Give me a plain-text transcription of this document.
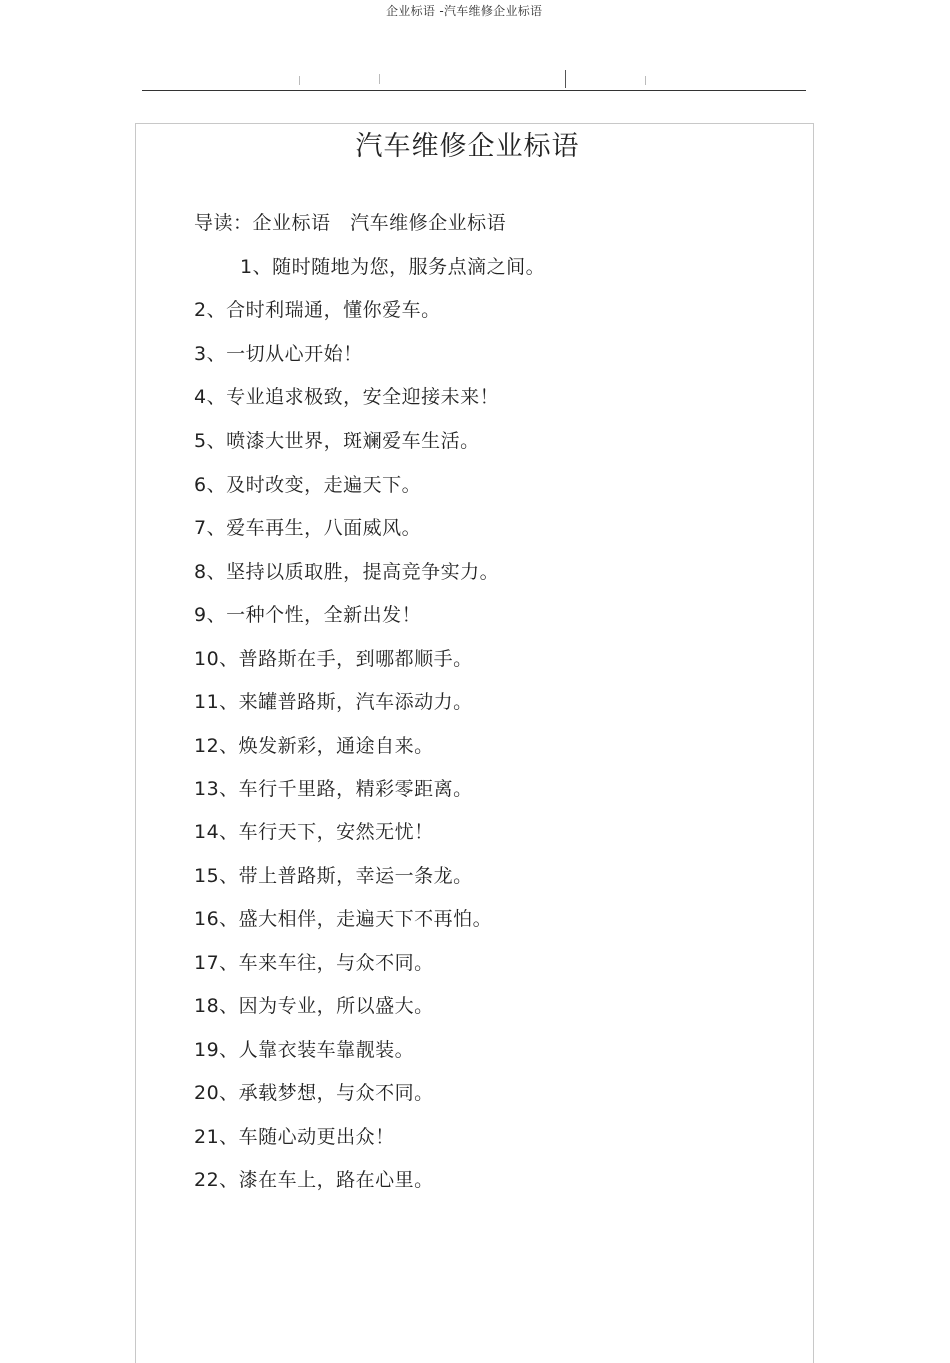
企业标语 -汽车维修企业标语
汽车维修企业标语
导读：企业标语   汽车维修企业标语
1、随时随地为您，服务点滴之间。
2、合时利瑞通，懂你爱车。
3、一切从心开始！
4、专业追求极致，安全迎接未来！
5、喷漆大世界，斑斓爱车生活。
6、及时改变，走遍天下。
7、爱车再生，八面威风。
8、坚持以质取胜，提高竞争实力。
9、一种个性，全新出发！
10、普路斯在手，到哪都顺手。
11、来罐普路斯，汽车添动力。
12、焕发新彩，通途自来。
13、车行千里路，精彩零距离。
14、车行天下，安然无忧！
15、带上普路斯，幸运一条龙。
16、盛大相伴，走遍天下不再怕。
17、车来车往，与众不同。
18、因为专业，所以盛大。
19、人靠衣装车靠靓装。
20、承载梦想，与众不同。
21、车随心动更出众！
22、漆在车上，路在心里。
